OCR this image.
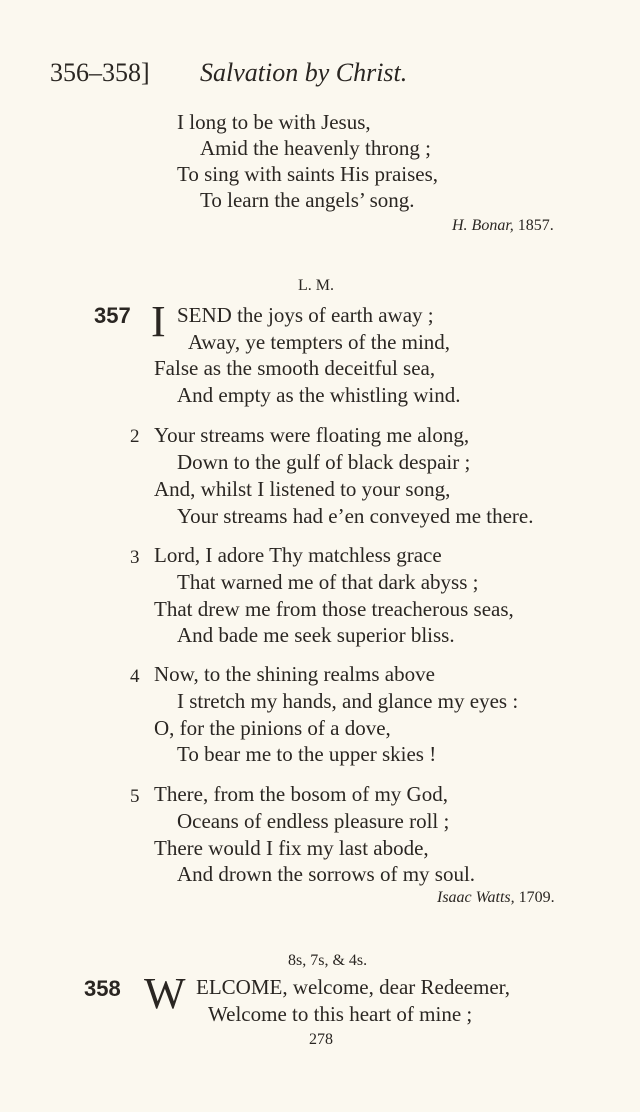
356–358] Salvation by Christ.
I long to be with Jesus,
Amid the heavenly throng ;
To sing with saints His praises,
To learn the angels’ song.
H. Bonar, 1857.
L. M.
357 I SEND the joys of earth away ;
Away, ye tempters of the mind,
False as the smooth deceitful sea,
And empty as the whistling wind.
2 Your streams were floating me along,
Down to the gulf of black despair ;
And, whilst I listened to your song,
Your streams had e’en conveyed me there.
3 Lord, I adore Thy matchless grace
That warned me of that dark abyss ;
That drew me from those treacherous seas,
And bade me seek superior bliss.
4 Now, to the shining realms above
I stretch my hands, and glance my eyes :
O, for the pinions of a dove,
To bear me to the upper skies !
5 There, from the bosom of my God,
Oceans of endless pleasure roll ;
There would I fix my last abode,
And drown the sorrows of my soul.
Isaac Watts, 1709.
8s, 7s, & 4s.
358 W ELCOME, welcome, dear Redeemer,
Welcome to this heart of mine ;
278
